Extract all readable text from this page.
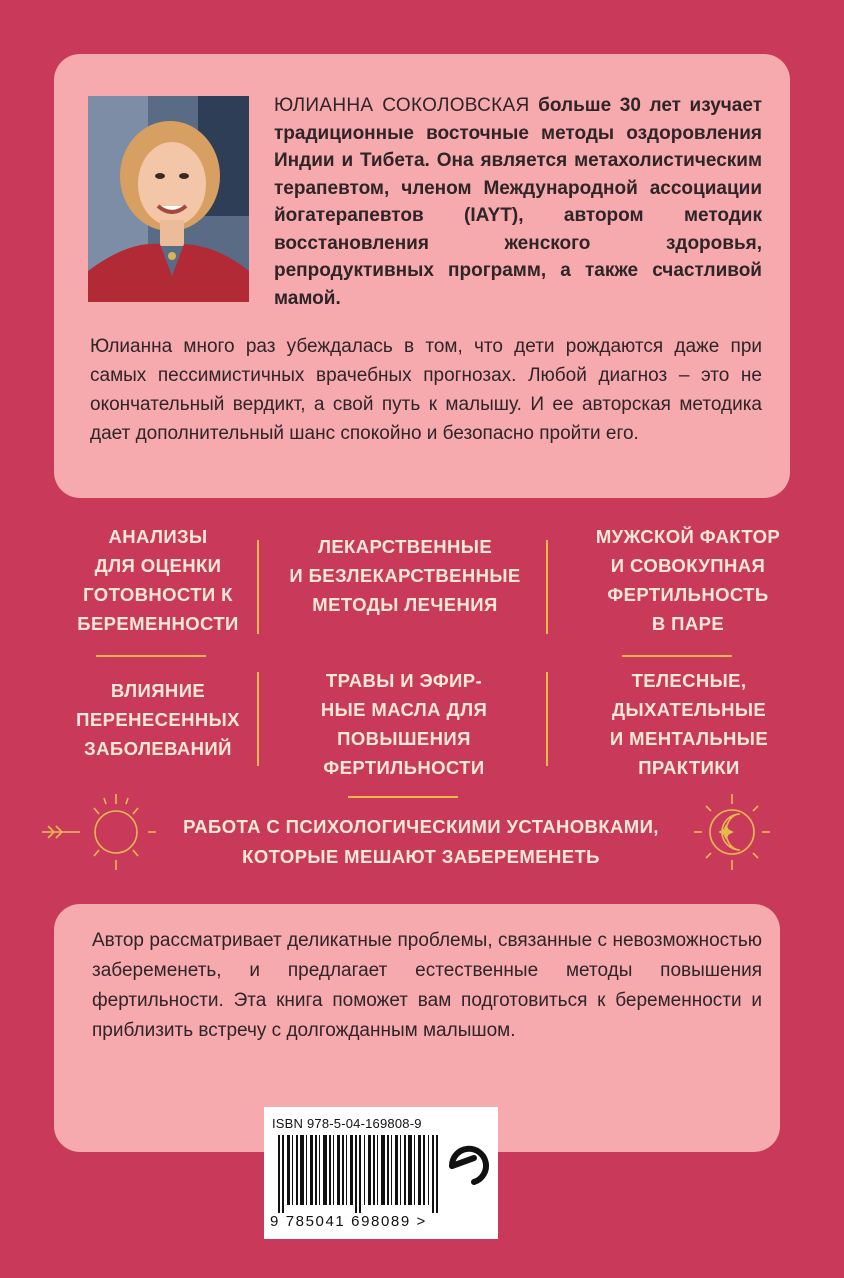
ЮЛИАННА СОКОЛОВСКАЯ больше 30 лет изучает традиционные восточные методы оздоровления Индии и Тибета. Она является метахолистическим терапевтом, членом Международной ассоциации йогатерапевтов (IAYT), автором методик восстановления женского здоровья, репродуктивных программ, а также счастливой мамой.

Юлианна много раз убеждалась в том, что дети рождаются даже при самых пессимистичных врачебных прогнозах. Любой диагноз – это не окончательный вердикт, а свой путь к малышу. И ее авторская методика дает дополнительный шанс спокойно и безопасно пройти его.

АНАЛИЗЫ
ДЛЯ ОЦЕНКИ
ГОТОВНОСТИ К
БЕРЕМЕННОСТИ
ЛЕКАРСТВЕННЫЕ
И БЕЗЛЕКАРСТВЕННЫЕ
МЕТОДЫ ЛЕЧЕНИЯ
МУЖСКОЙ ФАКТОР
И СОВОКУПНАЯ
ФЕРТИЛЬНОСТЬ
В ПАРЕ
ВЛИЯНИЕ
ПЕРЕНЕСЕННЫХ
ЗАБОЛЕВАНИЙ
ТРАВЫ И ЭФИР-
НЫЕ МАСЛА ДЛЯ
ПОВЫШЕНИЯ
ФЕРТИЛЬНОСТИ
ТЕЛЕСНЫЕ,
ДЫХАТЕЛЬНЫЕ
И МЕНТАЛЬНЫЕ
ПРАКТИКИ
РАБОТА С ПСИХОЛОГИЧЕСКИМИ УСТАНОВКАМИ,
КОТОРЫЕ МЕШАЮТ ЗАБЕРЕМЕНЕТЬ

Автор рассматривает деликатные проблемы, связанные с невозможностью забеременеть, и предлагает естественные методы повышения фертильности. Эта книга поможет вам подготовиться к беременности и приблизить встречу с долгожданным малышом.

ISBN 978-5-04-169808-9
9 785041 698089 >
